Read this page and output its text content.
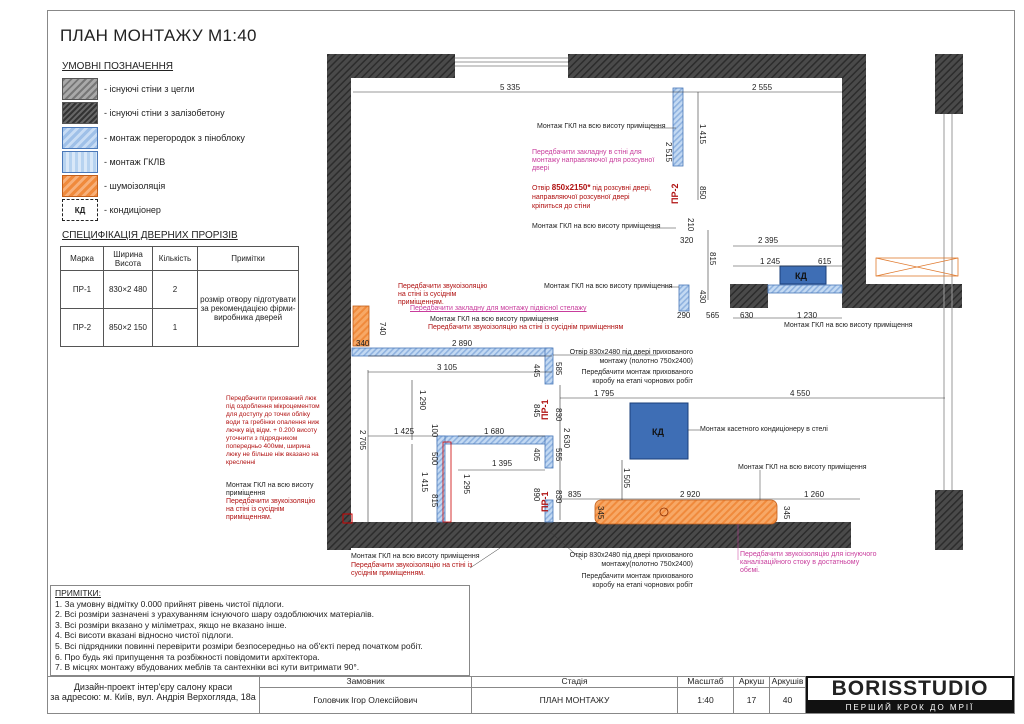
ПЛАН МОНТАЖУ М1:40
УМОВНІ ПОЗНАЧЕННЯ
- існуючі стіни з цегли
- існуючі стіни з залізобетону
- монтаж перегородок з піноблоку
- монтаж ГКЛВ
- шумоізоляція
КД	- кондиціонер
СПЕЦИФІКАЦІЯ ДВЕРНИХ ПРОРІЗІВ
Марка	Ширина Висота	Кількість	Примітки
ПР-1	830×2 480	2	розмір отвору підготувати за рекомендацією фірми-виробника дверей
ПР-2	850×2 150	1	
5 335	2 555
1 415
2 515
850
210
320	2 395
815	1 245	615
430
290 565	630	1 230
740
340	2 890
3 105	445 585
1 290	1 795	4 550
2 705	1 425 100	1 680
845 830
2 630
500	1 395
405 555
1 415	1 295	1 505
815	890 830 835	2 920	1 260
345	345
ПР-2
ПР-1
ПР-1
КД
КД
Монтаж ГКЛ на всю висоту приміщення
Передбачити закладну в стіні для монтажу направляючої для розсувної двері
Отвір 850х2150* під розсувні двері, направляючої розсувної двері кріпиться до стіни
Монтаж ГКЛ на всю висоту приміщення
Монтаж ГКЛ на всю висоту приміщення
Монтаж ГКЛ на всю висоту приміщення
Передбачити звукоізоляцію на стіні із сусіднім приміщенням.
Передбачити закладну для монтажу підвісної стелажу
Монтаж ГКЛ на всю висоту приміщення
Передбачити звукоізоляцію на стіні із сусіднім приміщенням
Отвір 830х2480 під двері прихованого монтажу (полотно 750х2400)
Передбачити монтаж прихованого коробу на етапі чорнових робіт
Передбачити прихований люк під оздоблення мікроцементом для доступу до точки обліку води та гребінки опалення ниж лючку від відм. + 0.200 висоту уточнити з підрядником попередньо 400мм, ширина люку не більше ніж вказано на кресленні
Монтаж касетного кондиціонеру в стелі
Монтаж ГКЛ на всю висоту приміщення
Монтаж ГКЛ на всю висоту приміщення
Передбачити звукоізоляцію на стіні із сусіднім приміщенням.
Монтаж ГКЛ на всю висоту приміщення
Передбачити звукоізоляцію на стіні із сусіднім приміщенням.
Отвір 830х2480 під двері прихованого монтажу(полотно 750х2400)
Передбачити монтаж прихованого коробу на етапі чорнових робіт
Передбачити звукоізоляцію для існуючого каналізаційного стоку в достатньому обємі.
ПРИМІТКИ:
1. За умовну відмітку 0.000 прийнят рівень чистої підлоги.
2. Всі розміри зазначені з урахуванням існуючого шару оздоблюючих матеріалів.
3. Всі розміри вказано у міліметрах, якщо не вказано інше.
4. Всі висоти вказані відносно чистої підлоги.
5. Всі підрядники повинні перевірити розміри безпосередньо на об'єкті перед початком робіт.
6. Про будь які припущення та розбіжності повідомити архітектора.
7. В місцях монтажу вбудованих меблів та сантехніки всі кути витримати 90°.
Дизайн-проект інтер'єру салону краси
за адресою: м. Київ, вул. Андрія Верхогляда, 18а
Замовник
Головчик Ігор Олексійович
Стадія
ПЛАН МОНТАЖУ
Масштаб
1:40
Аркуш
17
Аркушів
40	BORISSTUDIO
ПЕРШИЙ КРОК ДО МРІЇ
